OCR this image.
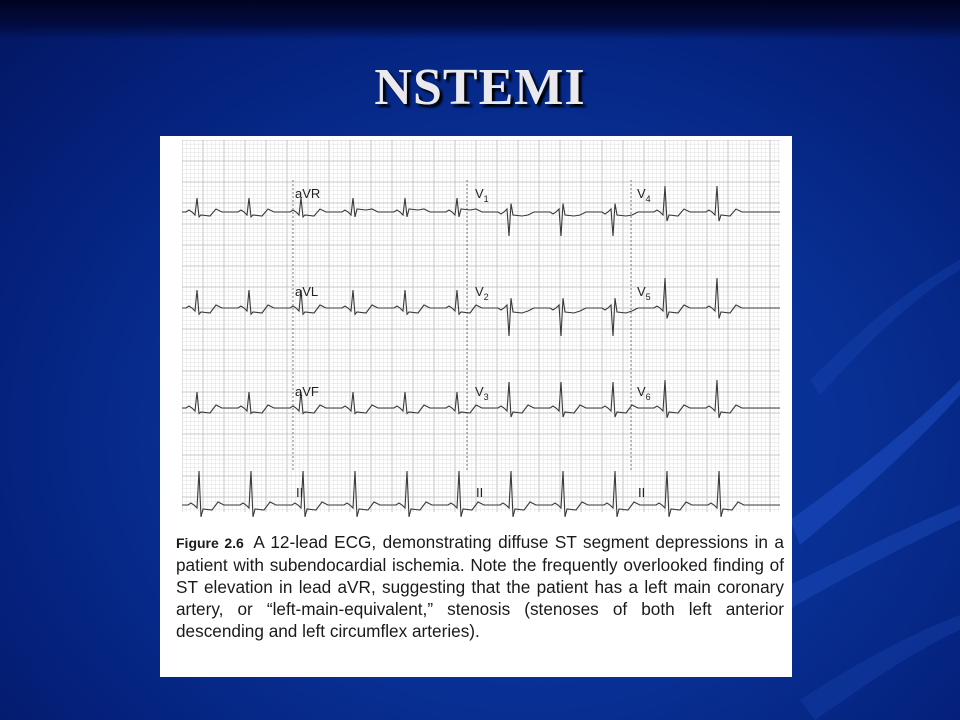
NSTEMI
aVR
aVL
aVF
$V_1$
$V_2$
$V_3$
$V_4$
$V_5$
$V_6$
II	II	II

Figure 2.6 A 12-lead ECG, demonstrating diffuse ST segment depressions in a patient with subendocardial ischemia. Note the frequently overlooked finding of ST elevation in lead aVR, suggesting that the patient has a left main coronary artery, or “left-main-equivalent,” stenosis (stenoses of both left anterior descending and left circumflex arteries).
